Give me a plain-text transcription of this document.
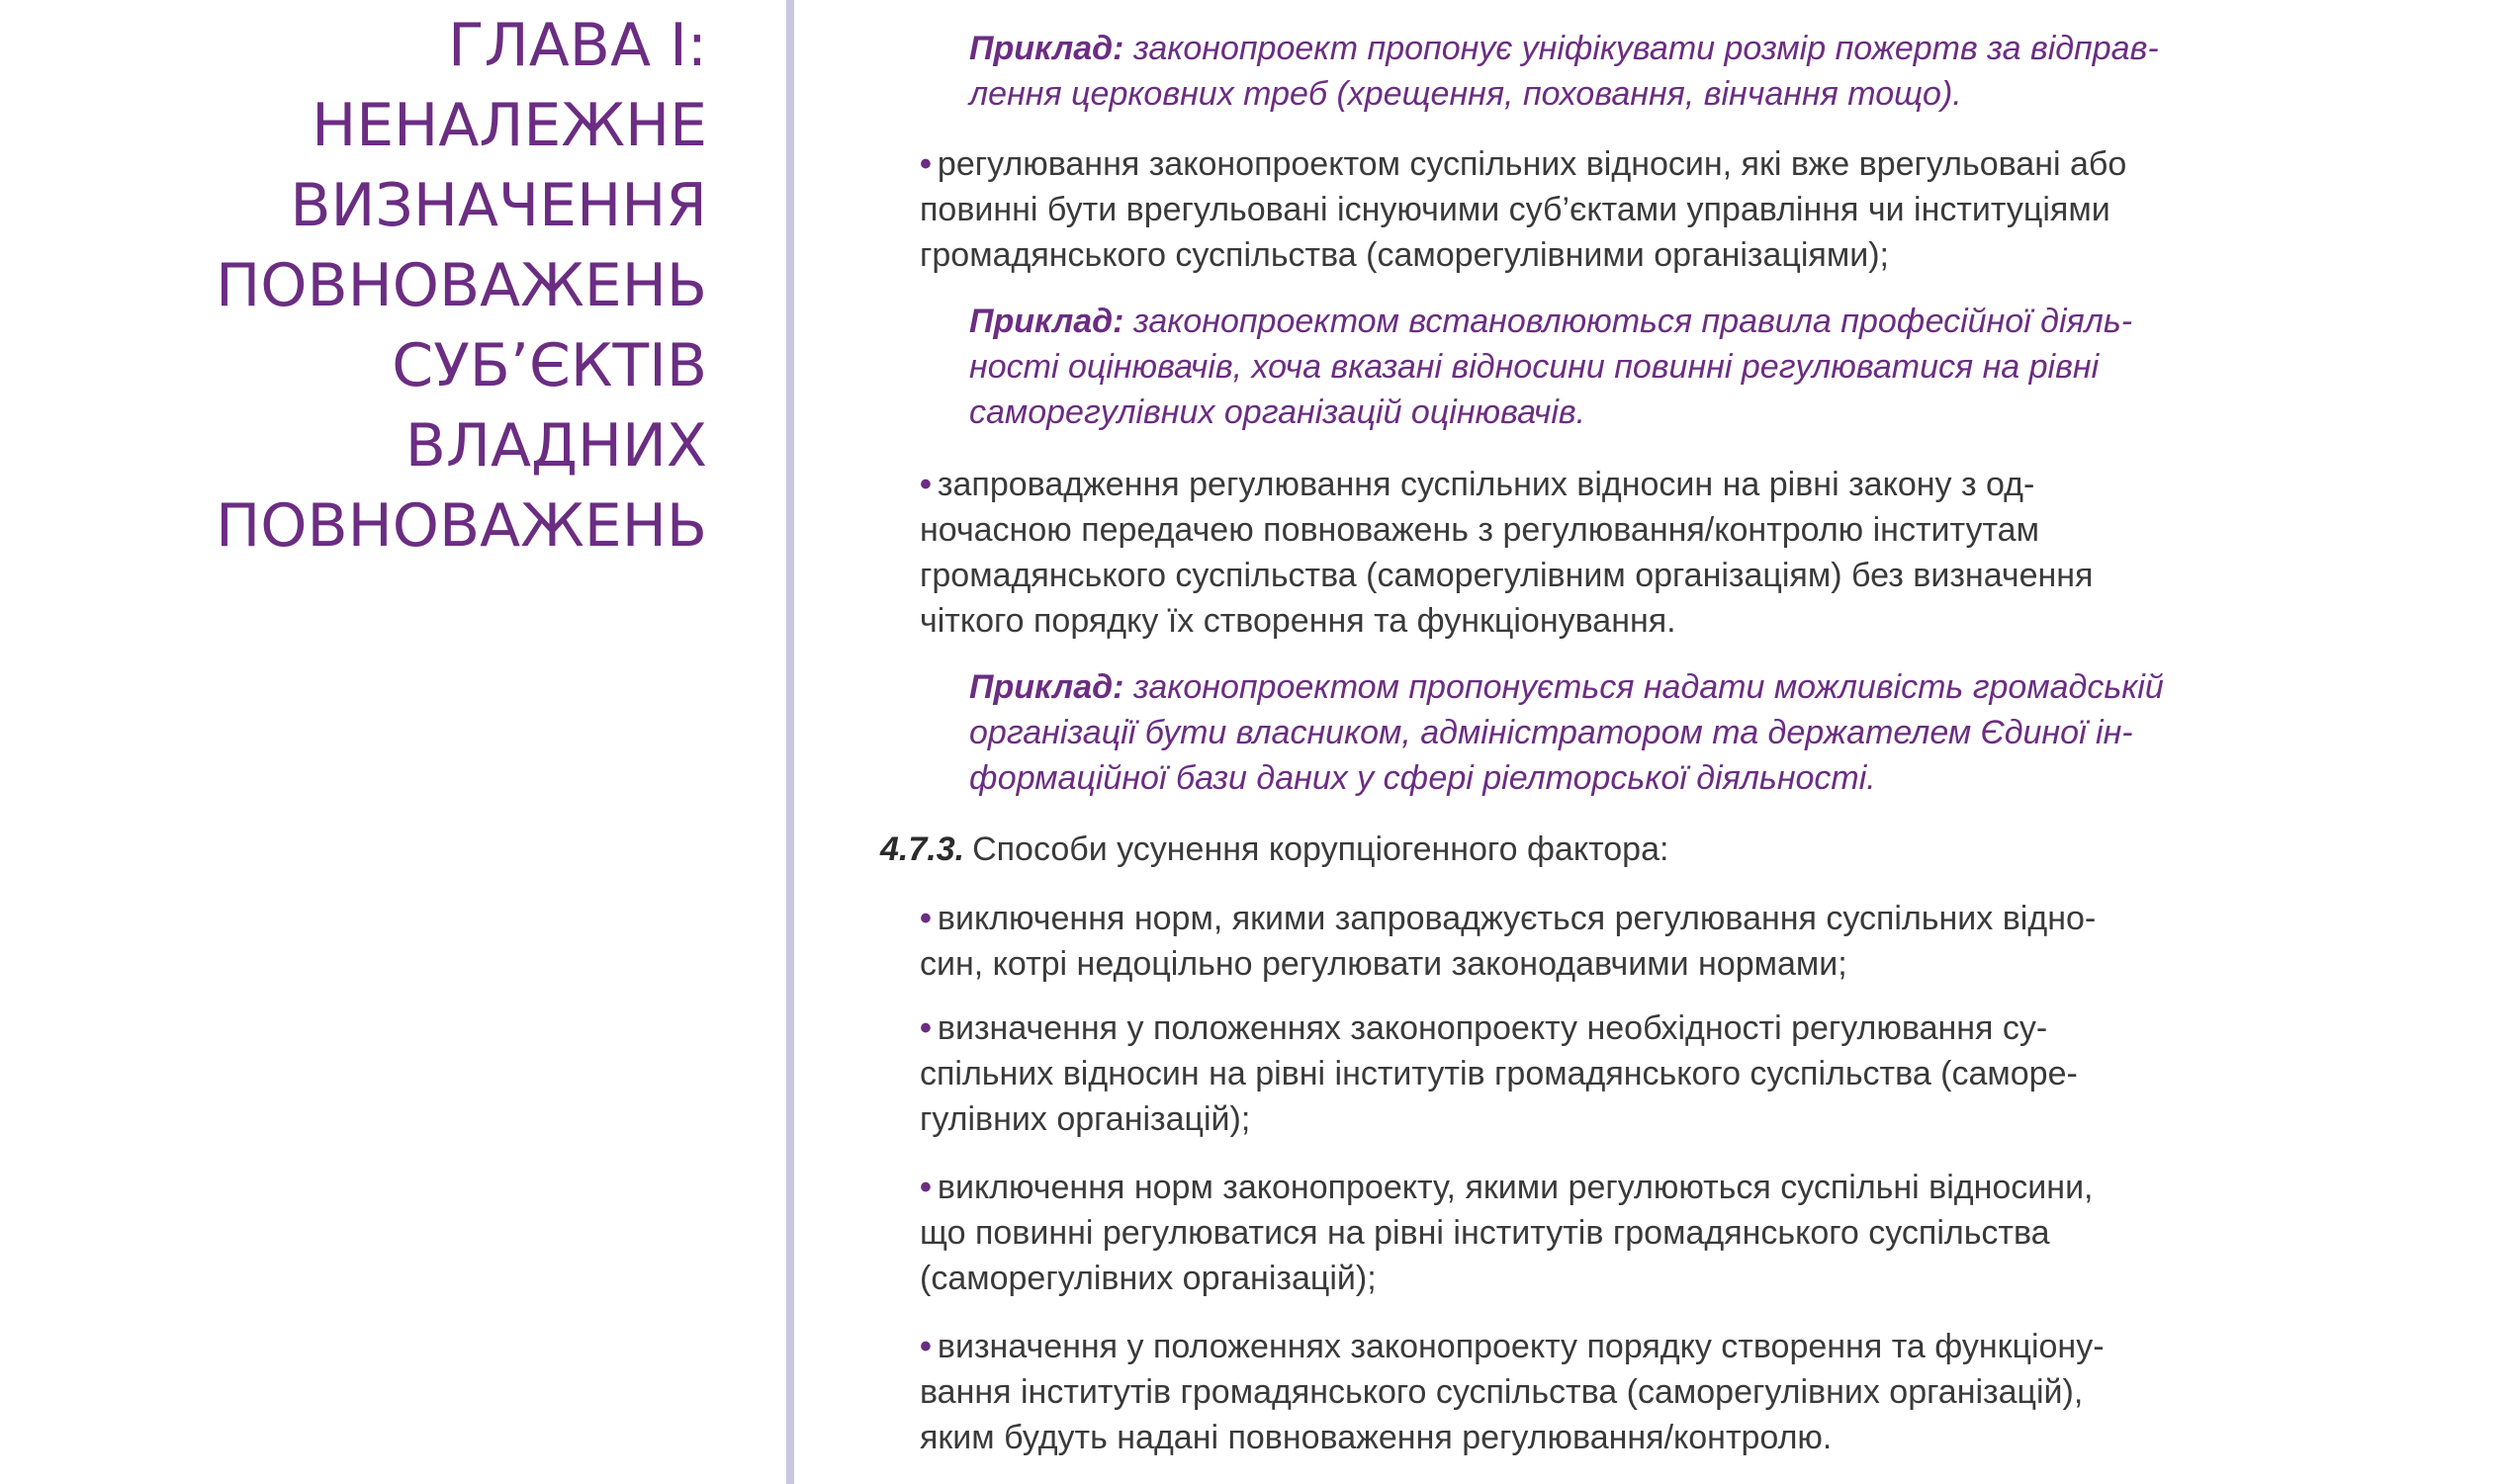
ГЛАВА І:
НЕНАЛЕЖНЕ
ВИЗНАЧЕННЯ
ПОВНОВАЖЕНЬ
СУБ’ЄКТІВ
ВЛАДНИХ
ПОВНОВАЖЕНЬ
Приклад: законопроект пропонує уніфікувати розмір пожертв за відправ-
лення церковних треб (хрещення, поховання, вінчання тощо).
• регулювання законопроектом суспільних відносин, які вже врегульовані або
повинні бути врегульовані існуючими суб’єктами управління чи інституціями
громадянського суспільства (саморегулівними організаціями);
Приклад: законопроектом встановлюються правила професійної діяль-
ності оцінювачів, хоча вказані відносини повинні регулюватися на рівні
саморегулівних організацій оцінювачів.
• запровадження регулювання суспільних відносин на рівні закону з од-
ночасною передачею повноважень з регулювання/контролю інститутам
громадянського суспільства (саморегулівним організаціям) без визначення
чіткого порядку їх створення та функціонування.
Приклад: законопроектом пропонується надати можливість громадській
організації бути власником, адміністратором та держателем Єдиної ін-
формаційної бази даних у сфері ріелторської діяльності.
4.7.3. Способи усунення корупціогенного фактора:
• виключення норм, якими запроваджується регулювання суспільних відно-
син, котрі недоцільно регулювати законодавчими нормами;
• визначення у положеннях законопроекту необхідності регулювання су-
спільних відносин на рівні інститутів громадянського суспільства (саморе-
гулівних організацій);
• виключення норм законопроекту, якими регулюються суспільні відносини,
що повинні регулюватися на рівні інститутів громадянського суспільства
(саморегулівних організацій);
• визначення у положеннях законопроекту порядку створення та функціону-
вання інститутів громадянського суспільства (саморегулівних організацій),
яким будуть надані повноваження регулювання/контролю.
